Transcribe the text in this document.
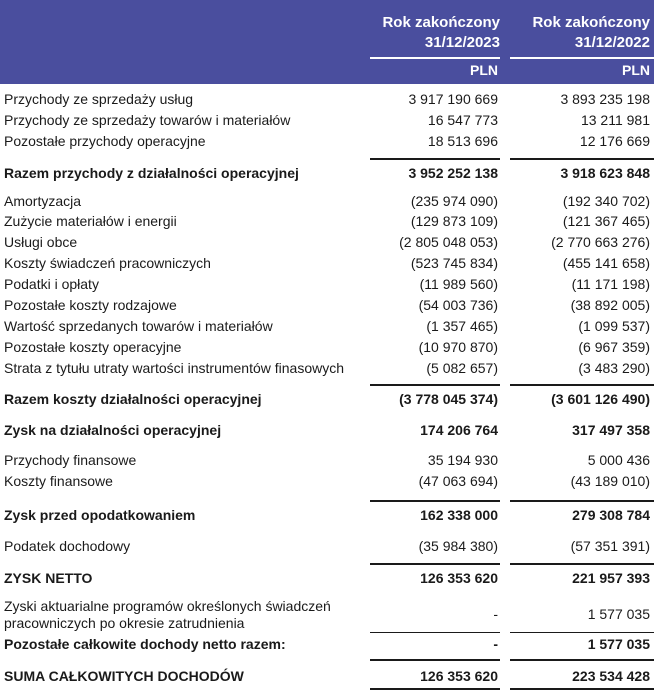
Rok zakończony
31/12/2023
Rok zakończony
31/12/2022
PLN	PLN
Przychody ze sprzedaży usług	3 917 190 669	3 893 235 198
Przychody ze sprzedaży towarów i materiałów	16 547 773	13 211 981
Pozostałe przychody operacyjne	18 513 696	12 176 669
Razem przychody z działalności operacyjnej	3 952 252 138	3 918 623 848
Amortyzacja	(235 974 090)	(192 340 702)
Zużycie materiałów i energii	(129 873 109)	(121 367 465)
Usługi obce	(2 805 048 053)	(2 770 663 276)
Koszty świadczeń pracowniczych	(523 745 834)	(455 141 658)
Podatki i opłaty	(11 989 560)	(11 171 198)
Pozostałe koszty rodzajowe	(54 003 736)	(38 892 005)
Wartość sprzedanych towarów i materiałów	(1 357 465)	(1 099 537)
Pozostałe koszty operacyjne	(10 970 870)	(6 967 359)
Strata z tytułu utraty wartości instrumentów finasowych	(5 082 657)	(3 483 290)
Razem koszty działalności operacyjnej	(3 778 045 374)	(3 601 126 490)
Zysk na działalności operacyjnej	174 206 764	317 497 358
Przychody finansowe	35 194 930	5 000 436
Koszty finansowe	(47 063 694)	(43 189 010)
Zysk przed opodatkowaniem	162 338 000	279 308 784
Podatek dochodowy	(35 984 380)	(57 351 391)
ZYSK NETTO	126 353 620	221 957 393
Zyski aktuarialne programów określonych świadczeń
pracowniczych po okresie zatrudnienia
-	1 577 035
Pozostałe całkowite dochody netto razem:	-	1 577 035
SUMA CAŁKOWITYCH DOCHODÓW	126 353 620	223 534 428
